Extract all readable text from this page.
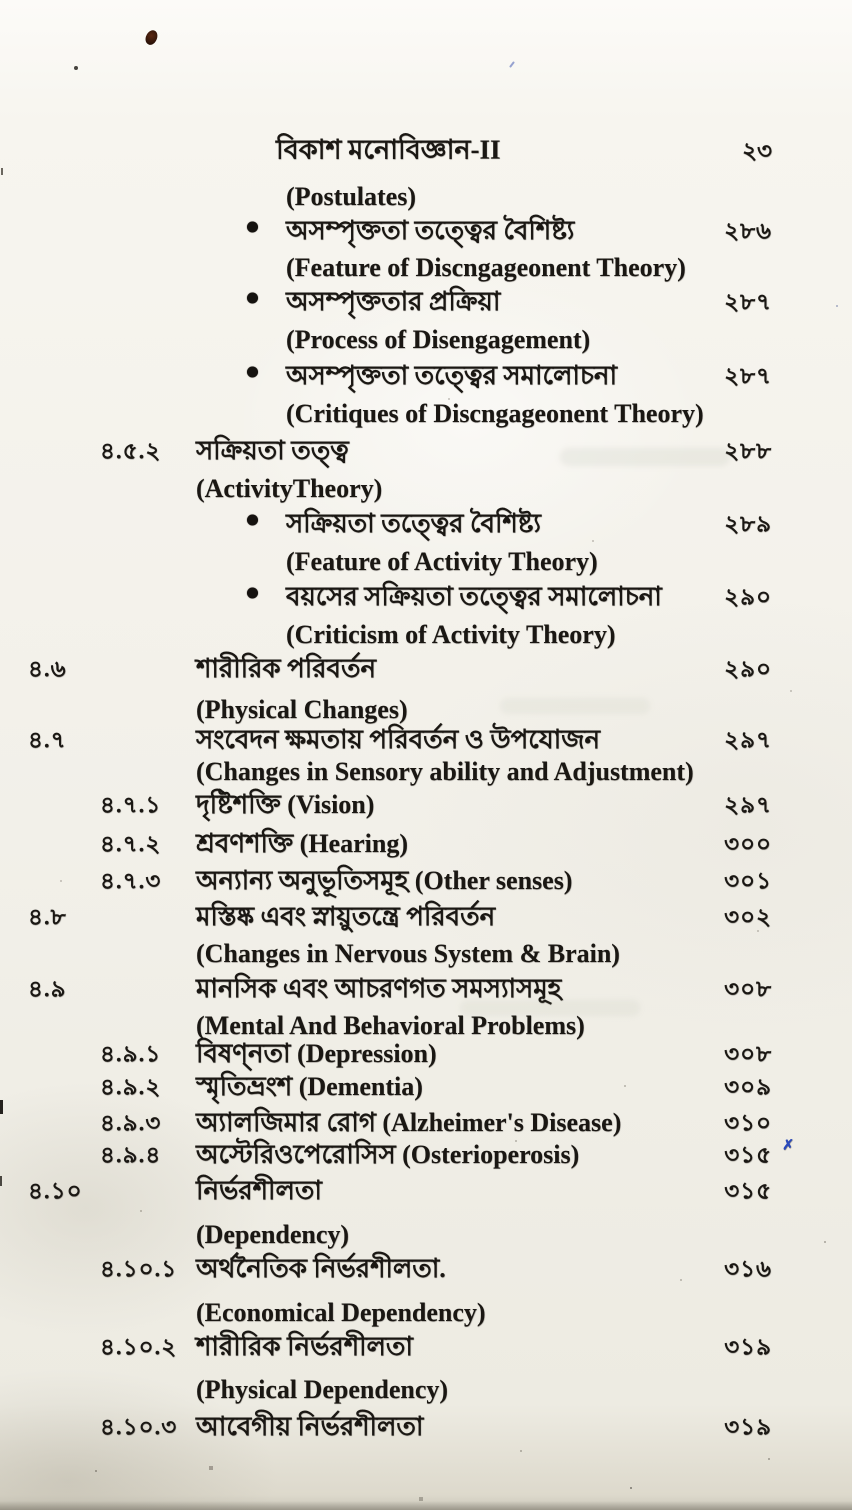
বিকাশ মনোবিজ্ঞান-II	২৩
(Postulates)
অসম্পৃক্ততা তত্ত্বের বৈশিষ্ট্য	২৮৬
(Feature of Discngageonent Theory)
অসম্পৃক্ততার প্রক্রিয়া	২৮৭
(Process of Disengagement)
অসম্পৃক্ততা তত্ত্বের সমালোচনা	২৮৭
(Critiques of Discngageonent Theory)
৪.৫.২ সক্রিয়তা তত্ত্ব	২৮৮
(ActivityTheory)
সক্রিয়তা তত্ত্বের বৈশিষ্ট্য	২৮৯
(Feature of Activity Theory)
বয়সের সক্রিয়তা তত্ত্বের সমালোচনা	২৯০
(Criticism of Activity Theory)
৪.৬	শারীরিক পরিবর্তন	২৯০
(Physical Changes)
৪.৭	সংবেদন ক্ষমতায় পরিবর্তন ও উপযোজন	২৯৭
(Changes in Sensory ability and Adjustment)
৪.৭.১ দৃষ্টিশক্তি (Vision)	২৯৭
৪.৭.২ শ্রবণশক্তি (Hearing)	৩০০
৪.৭.৩ অন্যান্য অনুভূতিসমূহ (Other senses)	৩০১
৪.৮	মস্তিষ্ক এবং স্নায়ুতন্ত্রে পরিবর্তন	৩০২
(Changes in Nervous System & Brain)
৪.৯	মানসিক এবং আচরণগত সমস্যাসমূহ	৩০৮
(Mental And Behavioral Problems)
৪.৯.১ বিষণ্নতা (Depression)	৩০৮
৪.৯.২ স্মৃতিভ্রংশ (Dementia)	৩০৯
৪.৯.৩ অ্যালজিমার রোগ (Alzheimer's Disease)	৩১০
৪.৯.৪ অস্টেরিওপেরোসিস (Osterioperosis)	৩১৫ ✗
৪.১০	নির্ভরশীলতা	৩১৫
(Dependency)
৪.১০.১ অর্থনৈতিক নির্ভরশীলতা.	৩১৬
(Economical Dependency)
৪.১০.২ শারীরিক নির্ভরশীলতা	৩১৯
(Physical Dependency)
৪.১০.৩ আবেগীয় নির্ভরশীলতা	৩১৯
